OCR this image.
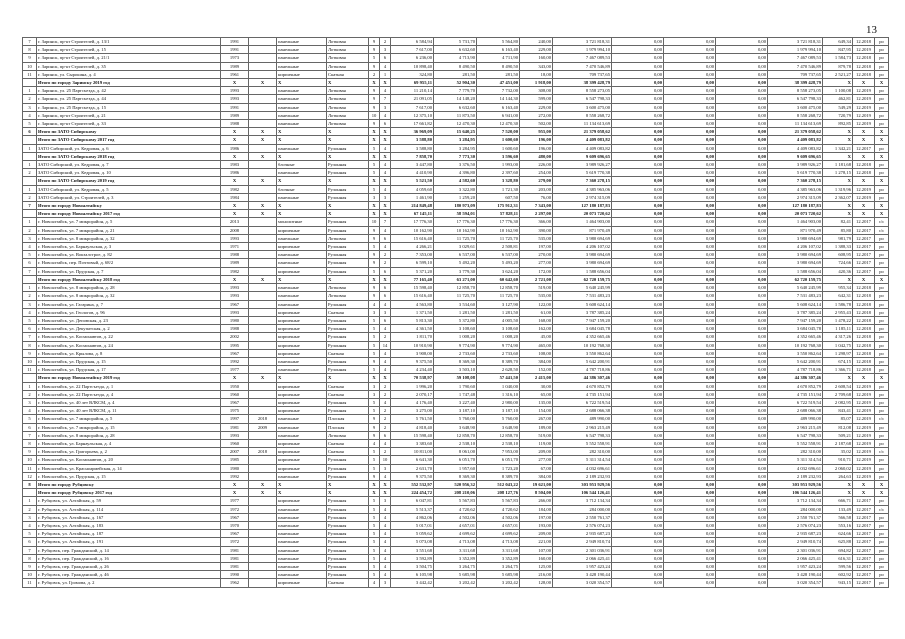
13
7	г. Заринск, пр-кт Строителей, д. 13/1	1991		панельные	Лотковая	9	2	6 584,94	5 731,70	5 564,80	240,00	3 721 818,31	0,00	0,00	0,00	3 721 818,31	649,34	12.2018	ро
8	г. Заринск, пр-кт Строителей, д. 15	1991		панельные	Лотковая	9	3	7 617,00	6 632,60	6 163,40	229,00	1 979 994,10	0,00	0,00	0,00	1 979 994,10	847,95	12.2019	ро
9	г. Заринск, пр-кт Строителей, д. 21/1	1973		панельные	Лотковая	5	6	6 236,00	4 713,90	4 711,90	160,00	7 467 089,53	0,00	0,00	0,00	7 467 089,53	1 584,73	12.2018	ро
10	г. Заринск, пр-кт Строителей, д. 35	1989		панельные	Лотковая	9	4	10 898,40	8 490,50	8 490,50	343,00	7 470 546,89	0,00	0,00	0,00	7 470 546,89	879,78	12.2018	ро
11	г. Заринск, ул. Сырокина, д. 4	1961		кирпичные	Скатная	2	1	324,80	281,50	281,50	18,00	709 737,65	0,00	0,00	0,00	709 737,65	2 521,27	12.2018	ро
	Итого по городу Заринску 2019 год	X	X	X	X	X	X	69 955,11	52 904,30	47 451,00	1 918,00	38 399 428,79	0,00	0,00	0,00	38 399 428,79	X	X	X
1	г. Заринск, ул. 25 Партсъезда, д. 42	1993		панельные	Лотковая	9	4	11 210,14	7 779,70	7 732,00	308,00	8 558 273,05	0,00	0,00	0,00	8 558 273,05	1 100,08	12.2019	ро
2	г. Заринск, ул. 25 Партсъезда, д. 44	1993		панельные	Лотковая	9	7	21 091,05	14 148,20	14 144,30	599,00	6 547 798,33	0,00	0,00	0,00	6 547 798,33	462,81	12.2019	ро
3	г. Заринск, ул. 25 Партсъезда, д. 15	1991		панельные	Лотковая	9	3	7 617,00	6 632,60	6 163,40	229,00	3 600 475,00	0,00	0,00	0,00	3 600 475,00	549,29	12.2019	ро
4	г. Заринск, пр-кт Строителей, д. 21	1989		панельные	Лотковая	10	4	12 375,10	11 873,50	6 941,00	272,00	8 558 268,72	0,00	0,00	0,00	8 558 268,72	720,79	12.2019	ро
5	г. Заринск, пр-кт Строителей, д. 33	1988		панельные	Лотковая	9	6	17 661,82	12 470,30	12 470,30	502,00	11 134 613,69	0,00	0,00	0,00	11 134 613,69	892,85	12.2019	ро
6	Итого по ЗАТО Сибирскому	X	X	X	X	X	X	36 969,09	15 640,25	7 520,00	955,00	21 379 058,62	0,00	0,00	0,00	21 379 058,62	X	X	X
	Итого по ЗАТО Сибирскому 2017 год	X	X	X	X	X	X	3 588,80	3 284,95	1 600,60	196,00	4 409 083,82	0,00	0,00	0,00	4 409 083,82	X	X	X
1	ЗАТО Сибирский, ул. Кедровая, д. 6	1986		панельные	Рулонная	5	4	3 588,80	3 284,95	1 600,60	196,00	4 409 083,82	0,00	0,00	0,00	4 409 083,82	1 342,21	12.2017	ро
	Итого по ЗАТО Сибирскому 2018 год	X	X	X	X	X	X	7 858,70	7 773,30	3 596,60	480,00	9 609 696,65	0,00	0,00	0,00	9 609 696,65	X	X	X
1	ЗАТО Сибирский, ул. Кедровая, д. 7	1983		блочные	Рулонная	5	4	3 447,80	3 376,50	1 993,00	226,00	3 989 926,27	0,00	0,00	0,00	3 989 926,27	1 181,68	12.2018	ро
2	ЗАТО Сибирский, ул. Кедровая, д. 10	1986		панельные	Рулонная	5	4	4 410,90	4 396,80	2 397,60	254,00	5 619 770,38	0,00	0,00	0,00	5 619 770,38	1 278,15	12.2018	ро
	Итого по ЗАТО Сибирскому 2019 год	X	X	X	X	X	X	5 521,50	4 582,60	3 328,80	279,00	7 360 278,15	0,00	0,00	0,00	7 360 278,15	X	X	X
1	ЗАТО Сибирский, ул. Кедровая, д. 5	1982		блочные	Рулонная	5	4	4 059,60	3 322,80	1 721,30	203,00	4 385 963,06	0,00	0,00	0,00	4 385 963,06	1 319,96	12.2019	ро
2	ЗАТО Сибирский, ул. Строителей, д. 3	1984		панельные	Рулонная	3	3	1 461,90	1 259,20	607,50	76,00	2 974 315,09	0,00	0,00	0,00	2 974 315,09	2 362,07	12.2019	ро
7	Итого по городу Новоалтайску	X	X	X	X	X	X	214 849,48	180 973,09	175 912,31	7 343,00	127 180 187,83	0,00	0,00	0,00	127 180 187,83	X	X	X
	Итого по городу Новоалтайску 2017 год	X	X	X	X	X	X	67 145,11	58 594,01	57 828,11	2 297,00	20 073 720,62	0,00	0,00	0,00	20 073 720,62	X	X	X
1	г. Новоалтайск, ул. 7 микрорайон, д. 5	2013		монолитные	Рулонная	10	7	17 776,30	17 776,30	17 776,30	366,00	1 464 903,00	0,00	0,00	0,00	1 464 903,00	82,41	12.2017	с/с
2	г. Новоалтайск, ул. 7 микрорайон, д. 21	2008		кирпичные	Рулонная	9	4	10 162,90	10 162,90	10 162,90	390,00	871 970,49	0,00	0,00	0,00	871 970,49	85,80	12.2017	с/с
3	г. Новоалтайск, ул. 8 микрорайон, д. 32	1993		панельные	Лотковая	9	6	15 616,40	11 725,70	11 725,70	535,00	3 980 694,69	0,00	0,00	0,00	3 980 694,69	981,79	12.2017	ро
4	г. Новоалтайск, ул. Барнаульская, д. 3	1971		кирпичные	Рулонная	5	4	4 266,21	3 029,61	2 508,81	197,00	4 206 107,02	0,00	0,00	0,00	4 206 107,02	1 388,33	12.2017	ро
5	г. Новоалтайск, ул. Вокзалстрое, д. 82	1988		панельные	Рулонная	9	2	7 353,00	6 537,00	6 537,00	270,00	3 980 694,69	0,00	0,00	0,00	3 980 694,69	608,95	12.2017	ро
6	г. Новоалтайск, пер. Почтовый, д. 68/2	1989		панельные	Рулонная	9	2	6 599,10	5 492,20	5 493,20	277,00	3 980 694,69	0,00	0,00	0,00	3 980 694,69	724,66	12.2017	ро
7	г. Новоалтайск, ул. Прудская, д. 7	1982		кирпичные	Рулонная	5	6	5 371,20	3 779,30	3 624,20	172,00	1 588 656,04	0,00	0,00	0,00	1 588 656,04	420,36	12.2017	ро
	Итого по городу Новоалтайску 2018 год	X	X	X	X	X	X	77 165,40	63 271,00	60 642,60	2 721,00	62 720 159,75	0,00	0,00	0,00	62 720 159,75	X	X	X
1	г. Новоалтайск, ул. 8 микрорайон, д. 28	1993		панельные	Лотковая	9	6	15 598,40	12 858,70	12 858,70	519,00	5 640 245,99	0,00	0,00	0,00	5 640 245,99	955,34	12.2018	ро
2	г. Новоалтайск, ул. 8 микрорайон, д. 32	1993		панельные	Лотковая	9	6	15 616,40	11 725,70	11 725,70	535,00	7 531 483,23	0,00	0,00	0,00	7 531 483,23	642,31	12.2018	ро
3	г. Новоалтайск, ул. Гагарина, д. 7	1967		панельные	Рулонная	4	4	4 563,80	3 534,60	3 127,90	122,00	5 608 624,14	0,00	0,00	0,00	5 608 624,14	1 586,78	12.2018	ро
4	г. Новоалтайск, ул. Геологов, д. 96	1993		кирпичные	Скатная	3	3	1 371,50	1 281,50	1 281,50	61,00	3 787 385,24	0,00	0,00	0,00	3 787 385,24	2 955,43	12.2018	ро
5	г. Новоалтайск, ул. Деповская, д. 23	1980		кирпичные	Рулонная	5	6	5 813,30	5 372,80	4 005,50	168,00	7 947 159,20	0,00	0,00	0,00	7 947 159,20	1 478,22	12.2018	ро
6	г. Новоалтайск, ул. Декупатская, д. 2	1988		кирпичные	Рулонная	5	4	4 361,50	3 108,60	3 108,60	162,00	3 684 045,78	0,00	0,00	0,00	3 684 045,78	1 185,11	12.2018	ро
7	г. Новоалтайск, ул. Космонавтов, д. 22	2002		кирпичные	Рулонная	5	2	1 811,70	1 008,20	1 008,20	45,00	4 352 665,46	0,00	0,00	0,00	4 352 665,46	4 317,26	12.2018	ро
8	г. Новоалтайск, ул. Космонавтов, д. 24	1995		кирпичные	Рулонная	5	14	10 910,90	9 774,90	9 774,90	465,00	10 192 768,30	0,00	0,00	0,00	10 192 768,30	1 042,75	12.2018	ро
9	г. Новоалтайск, ул. Крылова, д. 8	1967		кирпичные	Скатная	5	4	3 908,00	2 733,60	2 733,60	108,00	3 550 862,64	0,00	0,00	0,00	3 550 862,64	1 298,97	12.2018	ро
10	г. Новоалтайск, ул. Прудская, д. 15	1992		панельные	Рулонная	9	4	9 375,50	8 369,30	8 389,70	384,00	5 642 200,91	0,00	0,00	0,00	5 642 200,91	674,15	12.2018	ро
11	г. Новоалтайск, ул. Прудская, д. 17	1977		панельные	Рулонная	5	4	4 234,40	3 503,10	2 628,50	152,00	4 787 718,86	0,00	0,00	0,00	4 787 718,86	1 366,71	12.2018	ро
	Итого по городу Новоалтайску 2019 год	X	X	X	X	X	X	70 538,97	59 108,08	57 441,50	2 415,00	44 386 307,46	0,00	0,00	0,00	44 386 307,46	X	X	X
1	г. Новоалтайск, ул. 22 Партсъезда, д. 1	1950		кирпичные	Скатная	3	2	1 996,20	1 790,60	1 040,00	30,00	4 670 852,79	0,00	0,00	0,00	4 670 852,79	2 608,54	12.2019	ро
2	г. Новоалтайск, ул. 22 Партсъезда, д. 4	1960		кирпичные	Скатная	3	2	2 070,17	1 747,48	1 316,10	65,00	4 735 151,94	0,00	0,00	0,00	4 735 151,94	2 709,68	12.2019	ро
3	г. Новоалтайск, ул. 40 лет ВЛКСМ, д. 4	1967		кирпичные	Рулонная	5	4	4 176,40	3 227,40	2 980,00	135,00	6 722 519,54	0,00	0,00	0,00	6 722 519,54	2 082,95	12.2019	ро
4	г. Новоалтайск, ул. 40 лет ВЛКСМ, д. 11	1975		кирпичные	Рулонная	5	2	3 275,00	3 187,10	3 187,10	154,00	2 688 066,38	0,00	0,00	0,00	2 688 066,38	843,41	12.2019	ро
5	г. Новоалтайск, ул. 7 микрорайон, д. 5	1997	2018	панельные	Плоская	9	2	5 761,50	5 760,00	5 760,00	267,00	489 990,00	0,00	0,00	0,00	489 990,00	85,07	12.2019	с/с
6	г. Новоалтайск, ул. 7 микрорайон, д. 15	1981	2009	панельные	Плоская	9	2	4 818,40	3 648,90	3 648,90	189,00	2 963 215,49	0,00	0,00	0,00	2 963 215,49	812,08	12.2019	ро
7	г. Новоалтайск, ул. 8 микрорайон, д. 28	1993		панельные	Лотковая	9	6	15 598,40	12 858,70	12 858,70	519,00	6 547 798,33	0,00	0,00	0,00	6 547 798,33	509,21	12.2019	ро
8	г. Новоалтайск, ул. Барнаульская, д. 4	1960		кирпичные	Скатная	4	4	3 383,60	2 538,10	2 538,10	119,00	5 552 558,91	0,00	0,00	0,00	5 552 558,91	2 187,68	12.2019	ро
9	г. Новоалтайск, ул. Григорьева, д. 2	2007	2018	кирпичные	Скатная	5	2	10 811,00	8 061,00	7 953,00	209,00	282 310,00	0,00	0,00	0,00	282 310,00	35,02	12.2019	с/с
10	г. Новоалтайск, ул. Космонавтов, д. 20	1985		кирпичные	Рулонная	5	10	6 641,30	6 051,70	6 051,70	277,00	5 311 314,54	0,00	0,00	0,00	5 311 314,54	910,71	12.2019	ро
11	г. Новоалтайск, ул. Красноармейская, д. 14	1980		кирпичные	Рулонная	5	3	2 631,70	1 957,60	1 723,20	67,00	4 032 696,61	0,00	0,00	0,00	4 032 696,61	2 060,02	12.2019	ро
12	г. Новоалтайск, ул. Прудская, д. 15	1992		панельные	Рулонная	9	4	9 375,50	8 369,30	8 389,70	384,00	2 189 232,93	0,00	0,00	0,00	2 189 232,93	264,63	12.2019	ро
8	Итого по городу Рубцовску	X	X	X	X	X	X	552 532,97	520 956,32	512 043,22	19 621,00	303 953 929,56	0,00	0,00	0,00	303 953 929,56	X	X	X
	Итого по городу Рубцовску 2017 год	X	X	X	X	X	X	224 454,72	208 210,06	208 127,76	8 504,00	106 544 126,41	0,00	0,00	0,00	106 544 126,41	X	X	X
1	г. Рубцовск, ул. Алтайская, д. 59	1977		кирпичные	Рулонная	5	3	6 047,81	5 567,83	5 567,83	266,00	3 712 134,34	0,00	0,00	0,00	3 712 134,34	666,71	12.2017	ро
2	г. Рубцовск, ул. Алтайская, д. 114	1972		панельные	Рулонная	5	4	5 513,37	4 720,62	4 720,62	184,00	284 000,00	0,00	0,00	0,00	284 000,00	133,49	12.2017	с/с
3	г. Рубцовск, ул. Алтайская, д. 167	1967		панельные	Рулонная	5	4	4 862,06	4 502,06	4 502,06	197,00	2 550 761,37	0,00	0,00	0,00	2 550 761,37	566,58	12.2017	ро
4	г. Рубцовск, ул. Алтайская, д. 183	1970		панельные	Рулонная	5	4	5 017,01	4 657,01	4 657,01	193,00	2 576 074,23	0,00	0,00	0,00	2 576 074,23	553,16	12.2017	ро
5	г. Рубцовск, ул. Алтайская, д. 187	1967		панельные	Рулонная	5	4	5 059,62	4 699,62	4 699,62	209,00	2 935 687,23	0,00	0,00	0,00	2 935 687,23	624,66	12.2017	ро
6	г. Рубцовск, ул. Алтайская, д. 191	1972		панельные	Рулонная	5	4	5 073,08	4 713,08	4 713,08	221,00	2 949 810,74	0,00	0,00	0,00	2 949 810,74	625,88	12.2017	ро
7	г. Рубцовск, пер. Гражданский, д. 14	1981		панельные	Рулонная	5	4	3 551,68	3 311,68	3 311,68	107,00	2 301 036,91	0,00	0,00	0,00	2 301 036,91	694,82	12.2017	ро
8	г. Рубцовск, пер. Гражданский, д. 16	1981		панельные	Рулонная	5	4	3 592,89	3 352,89	3 352,89	160,00	2 066 425,41	0,00	0,00	0,00	2 066 425,41	616,31	12.2017	ро
9	г. Рубцовск, пер. Гражданский, д. 26	1981		панельные	Рулонная	5	4	3 504,75	3 264,75	3 264,75	125,00	1 957 423,24	0,00	0,00	0,00	1 957 423,24	599,56	12.2017	ро
10	г. Рубцовск, пер. Гражданский, д. 46	1990		панельные	Рулонная	5	4	6 105,98	5 685,98	5 685,98	216,00	3 428 190,44	0,00	0,00	0,00	3 428 190,44	602,92	12.2017	ро
11	г. Рубцовск, ул. Громова, д. 2	1962		кирпичные	Скатная	4	3	3 442,42	3 202,42	3 202,42	128,00	3 020 354,57	0,00	0,00	0,00	3 020 354,57	943,15	12.2017	ро
